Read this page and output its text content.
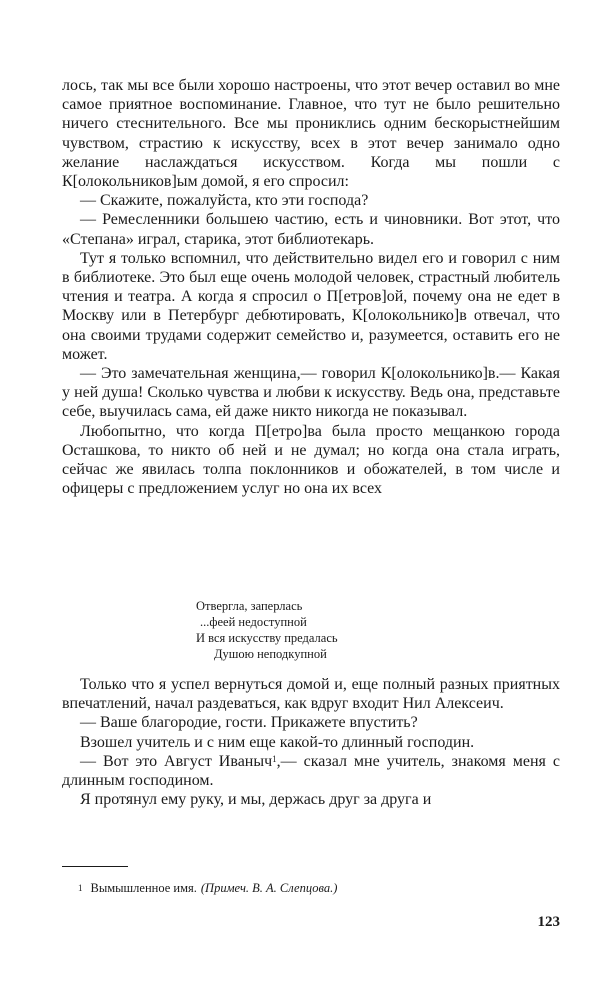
лось, так мы все были хорошо настроены, что этот вечер оставил во мне самое приятное воспоминание. Главное, что тут не было решительно ничего стеснительного. Все мы прониклись одним бескорыстнейшим чувством, страстию к искусству, всех в этот вечер занимало одно желание наслаждаться искусством. Когда мы пошли с К[олокольников]ым домой, я его спросил:

— Скажите, пожалуйста, кто эти господа?

— Ремесленники большею частию, есть и чиновники. Вот этот, что «Степана» играл, старика, этот библиотекарь.

Тут я только вспомнил, что действительно видел его и говорил с ним в библиотеке. Это был еще очень молодой человек, страстный любитель чтения и театра. А когда я спросил о П[етров]ой, почему она не едет в Москву или в Петербург дебютировать, К[олокольнико]в отвечал, что она своими трудами содержит семейство и, разумеется, оставить его не может.

— Это замечательная женщина,— говорил К[олокольнико]в.— Какая у ней душа! Сколько чувства и любви к искусству. Ведь она, представьте себе, выучилась сама, ей даже никто никогда не показывал.

Любопытно, что когда П[етро]ва была просто мещанкою города Осташкова, то никто об ней и не думал; но когда она стала играть, сейчас же явилась толпа поклонников и обожателей, в том числе и офицеры с предложением услуг но она их всех

Отвергла, заперлась
...феей недоступной
И вся искусству предалась
Душою неподкупной

Только что я успел вернуться домой и, еще полный разных приятных впечатлений, начал раздеваться, как вдруг входит Нил Алексеич.

— Ваше благородие, гости. Прикажете впустить?

Взошел учитель и с ним еще какой-то длинный господин.

— Вот это Август Иваныч$^1$,— сказал мне учитель, знакомя меня с длинным господином.

Я протянул ему руку, и мы, держась друг за друга и

$^1$ Вымышленное имя. (Примеч. В. А. Слепцова.)
123
